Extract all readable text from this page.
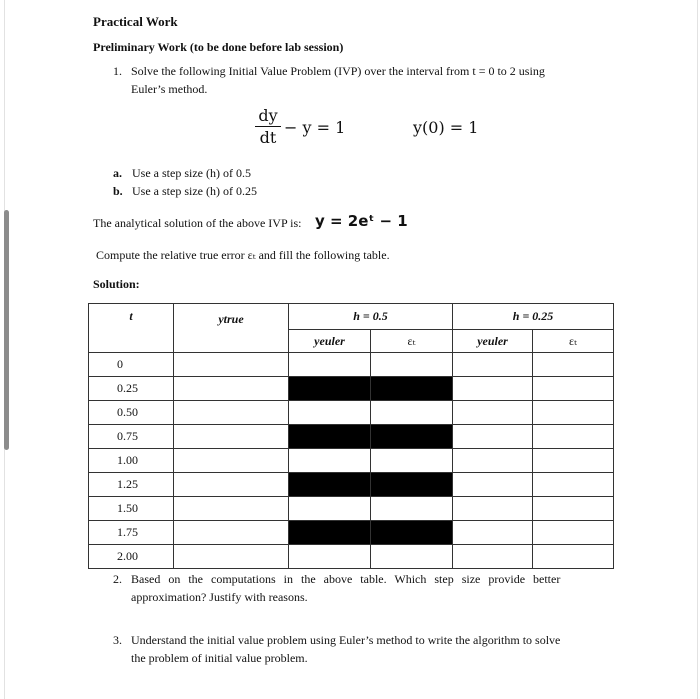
Practical Work
Preliminary Work (to be done before lab session)
1. Solve the following Initial Value Problem (IVP) over the interval from t = 0 to 2 using
Euler’s method.
dy
dt
− y = 1	y(0) = 1
a. Use a step size (h) of 0.5
b. Use a step size (h) of 0.25
The analytical solution of the above IVP is: y = 2eᵗ − 1
Compute the relative true error εₜ and fill the following table.
Solution:
t	ytrue	h = 0.5		h = 0.25	
		yeuler	εₜ	yeuler	εₜ
0					
0.25					
0.50					
0.75					
1.00					
1.25					
1.50					
1.75					
2.00					
2. Based on the computations in the above table. Which step size provide better
approximation? Justify with reasons.
3. Understand the initial value problem using Euler’s method to write the algorithm to solve
the problem of initial value problem.
